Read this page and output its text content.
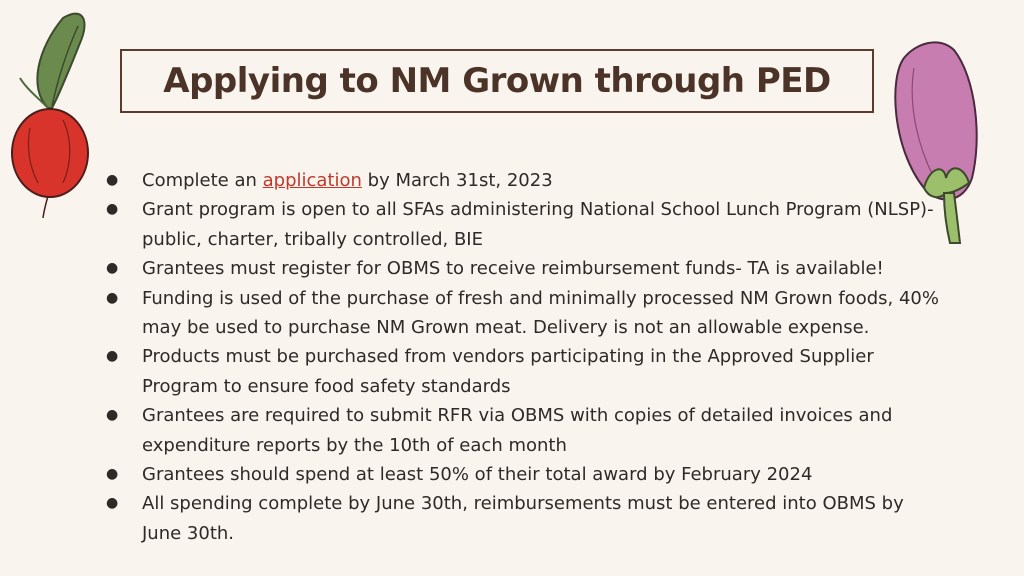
Applying to NM Grown through PED
● Complete an application by March 31st, 2023
● Grant program is open to all SFAs administering National School Lunch Program (NLSP)- public, charter, tribally controlled, BIE
● Grantees must register for OBMS to receive reimbursement funds- TA is available!
● Funding is used of the purchase of fresh and minimally processed NM Grown foods, 40% may be used to purchase NM Grown meat. Delivery is not an allowable expense.
● Products must be purchased from vendors participating in the Approved Supplier Program to ensure food safety standards
● Grantees are required to submit RFR via OBMS with copies of detailed invoices and expenditure reports by the 10th of each month
● Grantees should spend at least 50% of their total award by February 2024
● All spending complete by June 30th, reimbursements must be entered into OBMS by June 30th.
